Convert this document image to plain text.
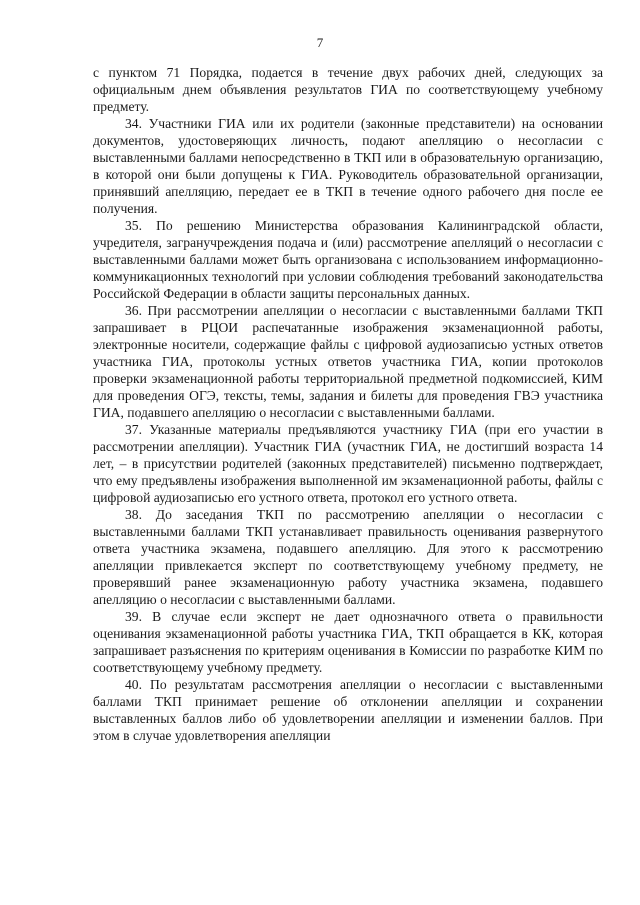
7

с пунктом 71 Порядка, подается в течение двух рабочих дней, следующих за официальным днем объявления результатов ГИА по соответствующему учебному предмету.

34. Участники ГИА или их родители (законные представители) на основании документов, удостоверяющих личность, подают апелляцию о несогласии с выставленными баллами непосредственно в ТКП или в образовательную организацию, в которой они были допущены к ГИА. Руководитель образовательной организации, принявший апелляцию, передает ее в ТКП в течение одного рабочего дня после ее получения.

35. По решению Министерства образования Калининградской области, учредителя, загранучреждения подача и (или) рассмотрение апелляций о несогласии с выставленными баллами может быть организована с использованием информационно-коммуникационных технологий при условии соблюдения требований законодательства Российской Федерации в области защиты персональных данных.

36. При рассмотрении апелляции о несогласии с выставленными баллами ТКП запрашивает в РЦОИ распечатанные изображения экзаменационной работы, электронные носители, содержащие файлы с цифровой аудиозаписью устных ответов участника ГИА, протоколы устных ответов участника ГИА, копии протоколов проверки экзаменационной работы территориальной предметной подкомиссией, КИМ для проведения ОГЭ, тексты, темы, задания и билеты для проведения ГВЭ участника ГИА, подавшего апелляцию о несогласии с выставленными баллами.

37. Указанные материалы предъявляются участнику ГИА (при его участии в рассмотрении апелляции). Участник ГИА (участник ГИА, не достигший возраста 14 лет, – в присутствии родителей (законных представителей) письменно подтверждает, что ему предъявлены изображения выполненной им экзаменационной работы, файлы с цифровой аудиозаписью его устного ответа, протокол его устного ответа.

38. До заседания ТКП по рассмотрению апелляции о несогласии с выставленными баллами ТКП устанавливает правильность оценивания развернутого ответа участника экзамена, подавшего апелляцию. Для этого к рассмотрению апелляции привлекается эксперт по соответствующему учебному предмету, не проверявший ранее экзаменационную работу участника экзамена, подавшего апелляцию о несогласии с выставленными баллами.

39. В случае если эксперт не дает однозначного ответа о правильности оценивания экзаменационной работы участника ГИА, ТКП обращается в КК, которая запрашивает разъяснения по критериям оценивания в Комиссии по разработке КИМ по соответствующему учебному предмету.

40. По результатам рассмотрения апелляции о несогласии с выставленными баллами ТКП принимает решение об отклонении апелляции и сохранении выставленных баллов либо об удовлетворении апелляции и изменении баллов. При этом в случае удовлетворения апелляции
